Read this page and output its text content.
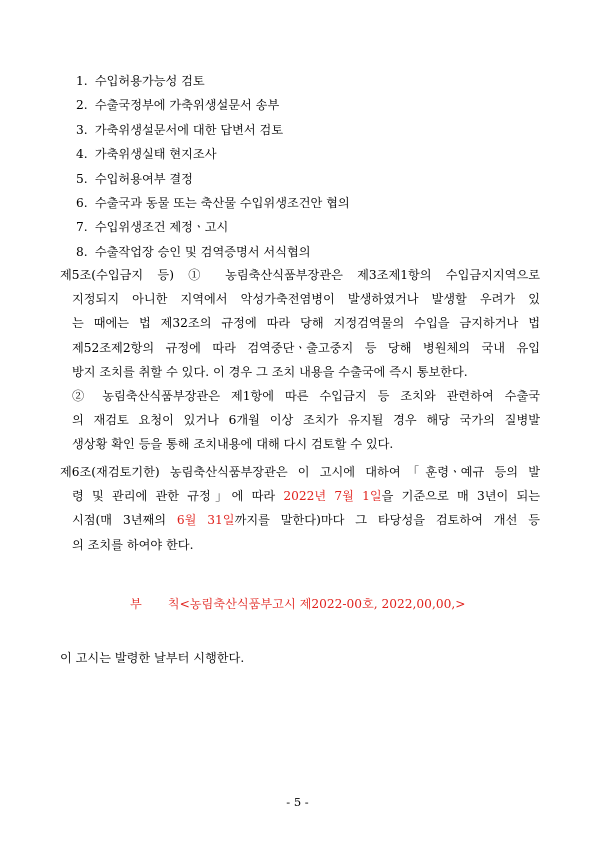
1. 수입허용가능성 검토
2. 수출국정부에 가축위생설문서 송부
3. 가축위생설문서에 대한 답변서 검토
4. 가축위생실태 현지조사
5. 수입허용여부 결정
6. 수출국과 동물 또는 축산물 수입위생조건안 협의
7. 수입위생조건 제정ㆍ고시
8. 수출작업장 승인 및 검역증명서 서식협의
제5조(수입금지 등) ① 농림축산식품부장관은 제3조제1항의 수입금지지역으로
지정되지 아니한 지역에서 악성가축전염병이 발생하였거나 발생할 우려가 있
는 때에는 법 제32조의 규정에 따라 당해 지정검역물의 수입을 금지하거나 법
제52조제2항의 규정에 따라 검역중단ㆍ출고중지 등 당해 병원체의 국내 유입
방지 조치를 취할 수 있다. 이 경우 그 조치 내용을 수출국에 즉시 통보한다.
② 농림축산식품부장관은 제1항에 따른 수입금지 등 조치와 관련하여 수출국
의 재검토 요청이 있거나 6개월 이상 조치가 유지될 경우 해당 국가의 질병발
생상황 확인 등을 통해 조치내용에 대해 다시 검토할 수 있다.
제6조(재검토기한) 농림축산식품부장관은 이 고시에 대하여「훈령ㆍ예규 등의 발
령 및 관리에 관한 규정」에 따라 2022년 7월 1일을 기준으로 매 3년이 되는
시점(매 3년째의 6월 31일까지를 말한다)마다 그 타당성을 검토하여 개선 등
의 조치를 하여야 한다.
부 칙<농림축산식품부고시 제2022-00호, 2022,00,00,>
이 고시는 발령한 날부터 시행한다.
- 5 -
